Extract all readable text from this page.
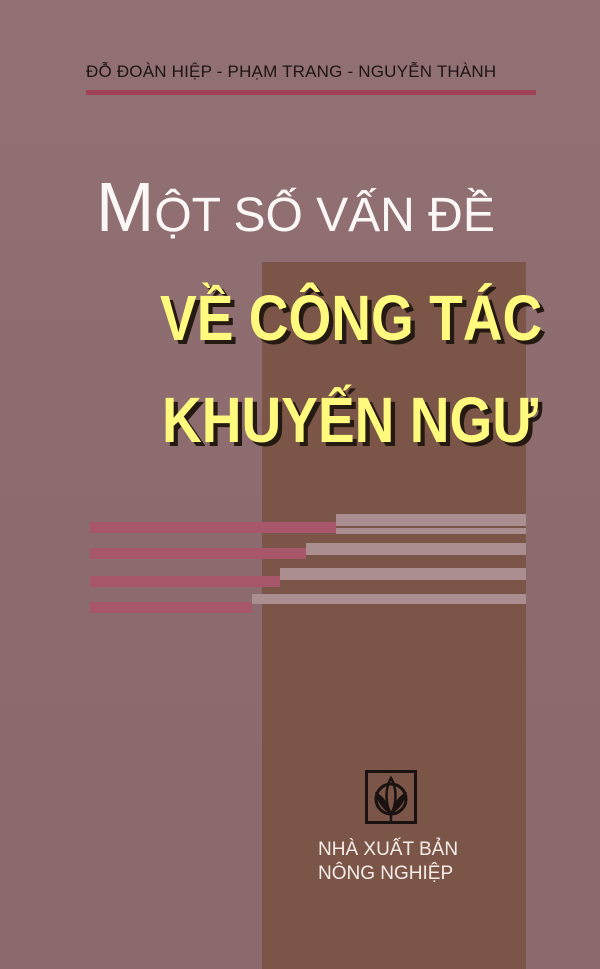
ĐỖ ĐOÀN HIỆP - PHẠM TRANG - NGUYỄN THÀNH
MỘT SỐ VẤN ĐỀ
VỀ CÔNG TÁC
KHUYẾN NGƯ
NHÀ XUẤT BẢN
NÔNG NGHIỆP
